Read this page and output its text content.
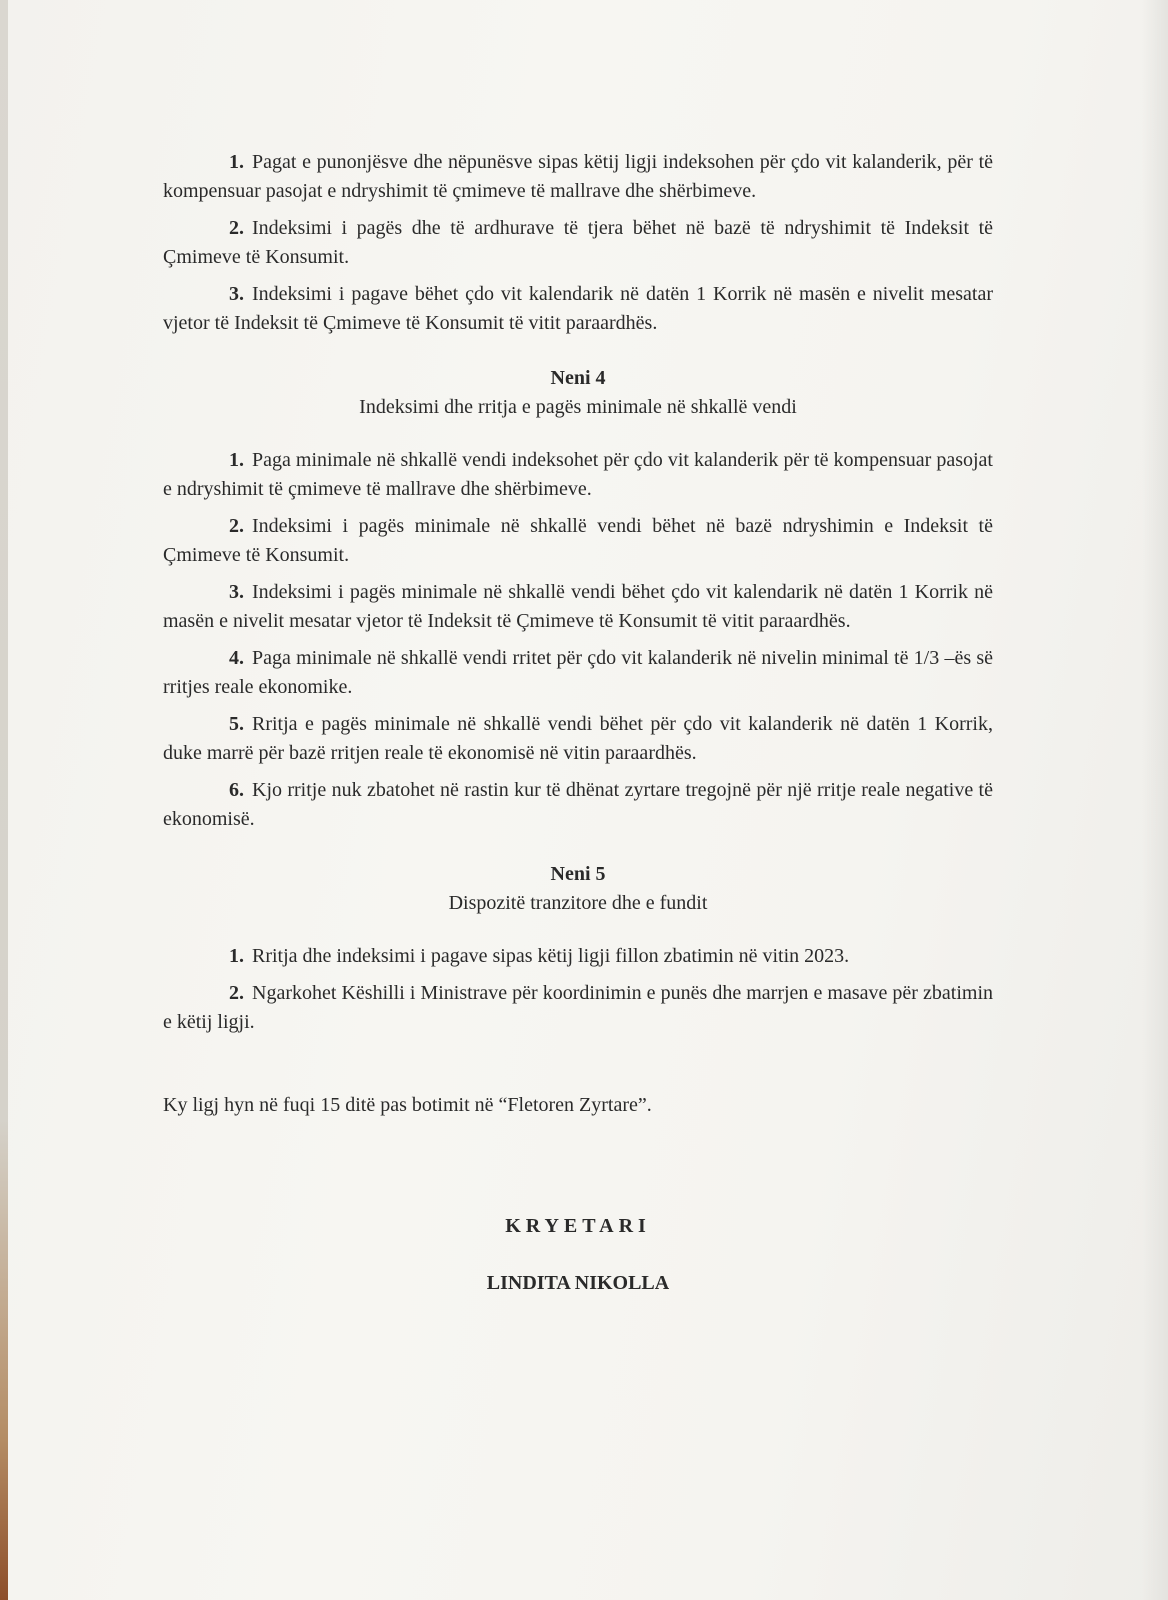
1. Pagat e punonjësve dhe nëpunësve sipas këtij ligji indeksohen për çdo vit kalanderik, për të kompensuar pasojat e ndryshimit të çmimeve të mallrave dhe shërbimeve.

2. Indeksimi i pagës dhe të ardhurave të tjera bëhet në bazë të ndryshimit të Indeksit të Çmimeve të Konsumit.

3. Indeksimi i pagave bëhet çdo vit kalendarik në datën 1 Korrik në masën e nivelit mesatar vjetor të Indeksit të Çmimeve të Konsumit të vitit paraardhës.

Neni 4

Indeksimi dhe rritja e pagës minimale në shkallë vendi

1. Paga minimale në shkallë vendi indeksohet për çdo vit kalanderik për të kompensuar pasojat e ndryshimit të çmimeve të mallrave dhe shërbimeve.

2. Indeksimi i pagës minimale në shkallë vendi bëhet në bazë ndryshimin e Indeksit të Çmimeve të Konsumit.

3. Indeksimi i pagës minimale në shkallë vendi bëhet çdo vit kalendarik në datën 1 Korrik në masën e nivelit mesatar vjetor të Indeksit të Çmimeve të Konsumit të vitit paraardhës.

4. Paga minimale në shkallë vendi rritet për çdo vit kalanderik në nivelin minimal të 1/3 –ës së rritjes reale ekonomike.

5. Rritja e pagës minimale në shkallë vendi bëhet për çdo vit kalanderik në datën 1 Korrik, duke marrë për bazë rritjen reale të ekonomisë në vitin paraardhës.

6. Kjo rritje nuk zbatohet në rastin kur të dhënat zyrtare tregojnë për një rritje reale negative të ekonomisë.

Neni 5

Dispozitë tranzitore dhe e fundit

1. Rritja dhe indeksimi i pagave sipas këtij ligji fillon zbatimin në vitin 2023.

2. Ngarkohet Këshilli i Ministrave për koordinimin e punës dhe marrjen e masave për zbatimin e këtij ligji.

Ky ligj hyn në fuqi 15 ditë pas botimit në “Fletoren Zyrtare”.

KRYETARI

LINDITA NIKOLLA
